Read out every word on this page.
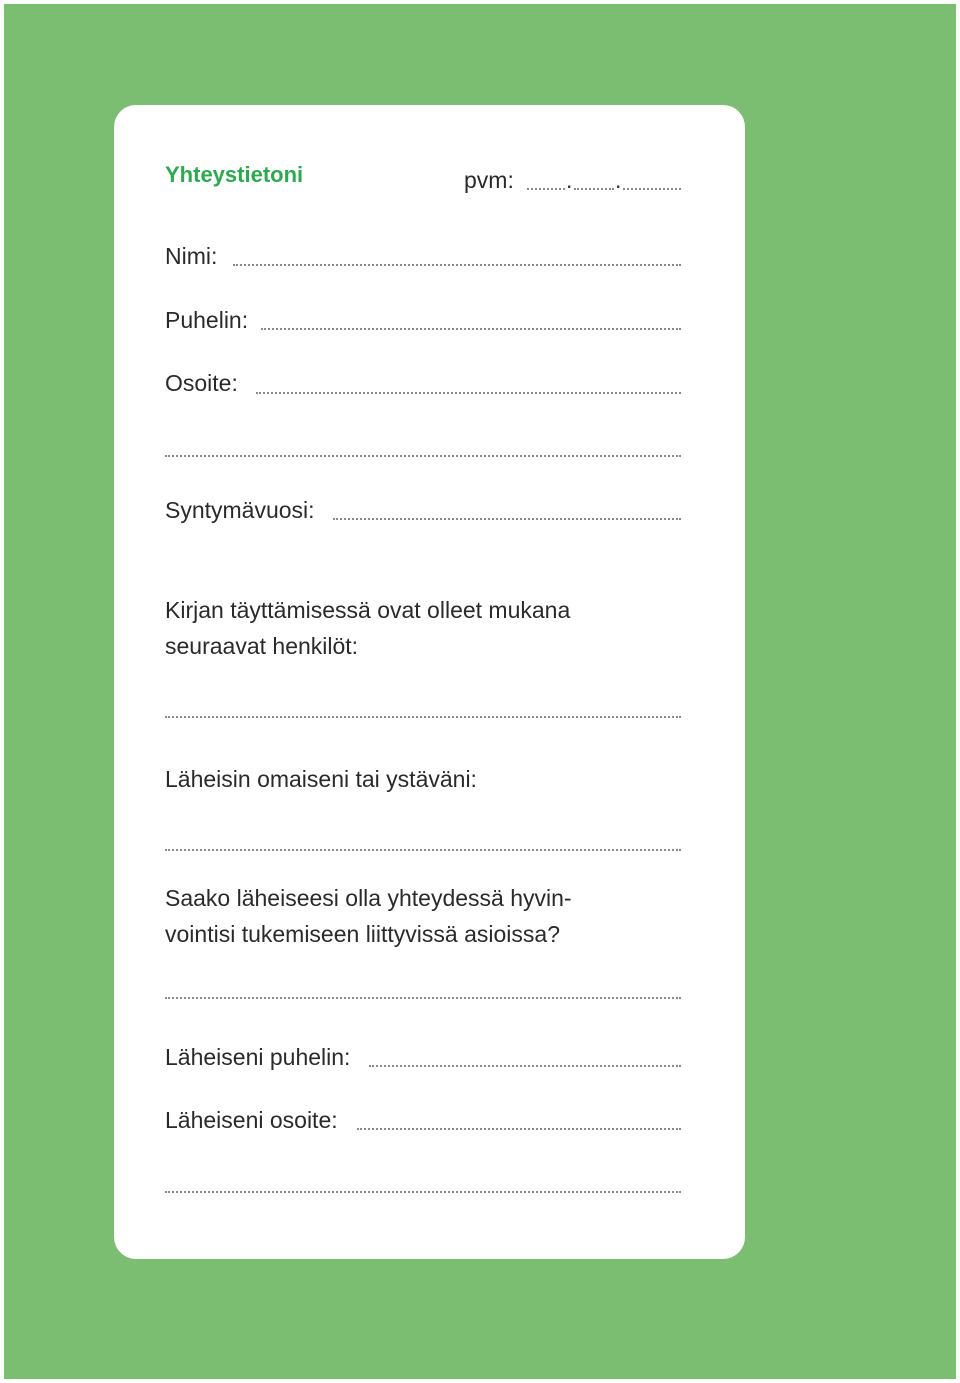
Yhteystietoni	pvm: . .
Nimi:
Puhelin:
Osoite:
Syntymävuosi:
Kirjan täyttämisessä ovat olleet mukana
seuraavat henkilöt:
Läheisin omaiseni tai ystäväni:
Saako läheiseesi olla yhteydessä hyvin-
vointisi tukemiseen liittyvissä asioissa?
Läheiseni puhelin:
Läheiseni osoite:
